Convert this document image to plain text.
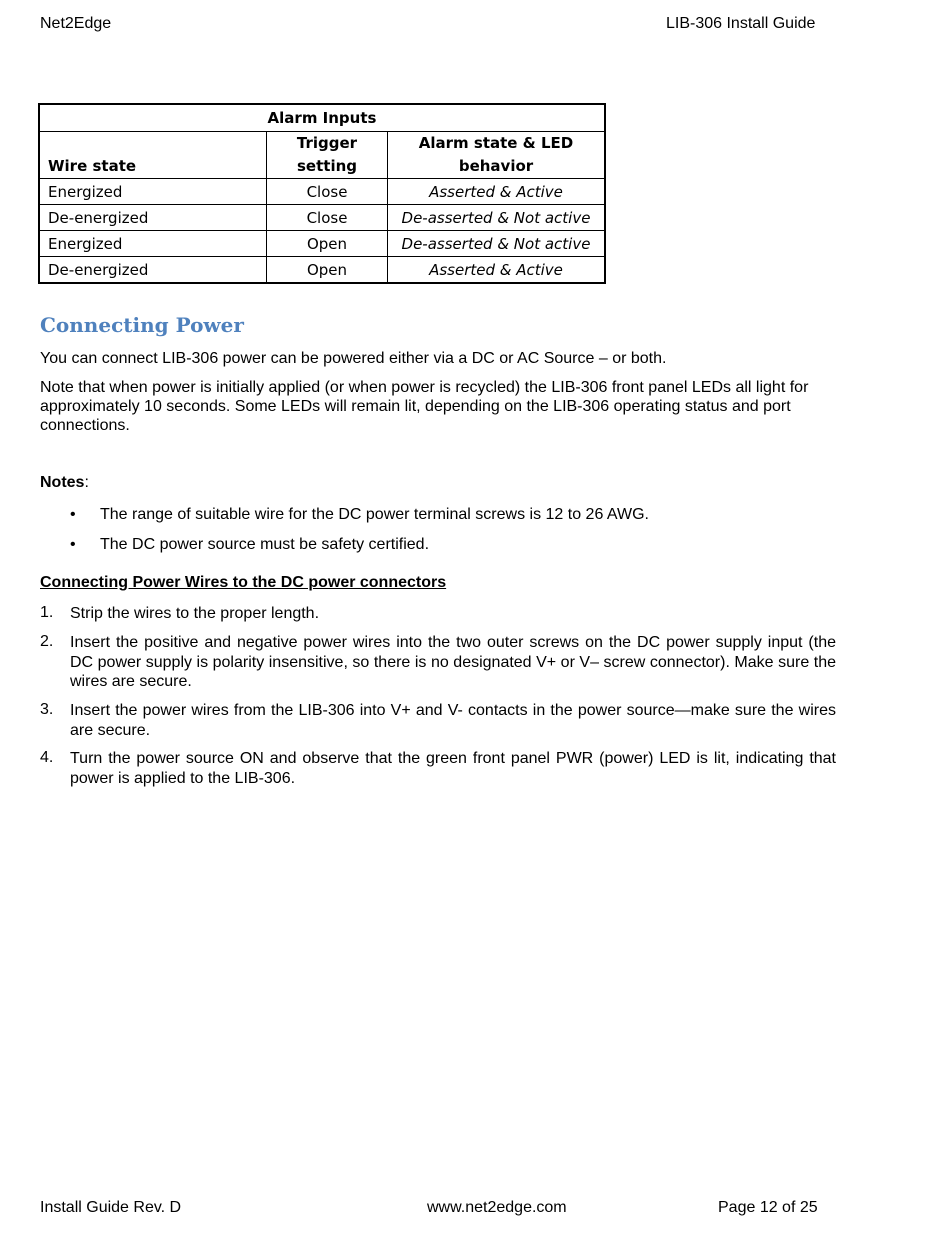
Net2Edge	LIB-306 Install Guide
Alarm Inputs		
Wire state	Trigger setting	Alarm state & LED behavior
Energized	Close	Asserted & Active
De-energized	Close	De-asserted & Not active
Energized	Open	De-asserted & Not active
De-energized	Open	Asserted & Active
Connecting Power
You can connect LIB-306 power can be powered either via a DC or AC Source – or both.
Note that when power is initially applied (or when power is recycled) the LIB-306 front panel LEDs all light for approximately 10 seconds. Some LEDs will remain lit, depending on the LIB-306 operating status and port connections.
Notes:
• The range of suitable wire for the DC power terminal screws is 12 to 26 AWG.
• The DC power source must be safety certified.
Connecting Power Wires to the DC power connectors
1. Strip the wires to the proper length.
2. Insert the positive and negative power wires into the two outer screws on the DC power supply input (the DC power supply is polarity insensitive, so there is no designated V+ or V– screw connector). Make sure the wires are secure.
3. Insert the power wires from the LIB-306 into V+ and V- contacts in the power source—make sure the wires are secure.
4. Turn the power source ON and observe that the green front panel PWR (power) LED is lit, indicating that power is applied to the LIB-306.
Install Guide Rev. D	www.net2edge.com	Page 12 of 25
